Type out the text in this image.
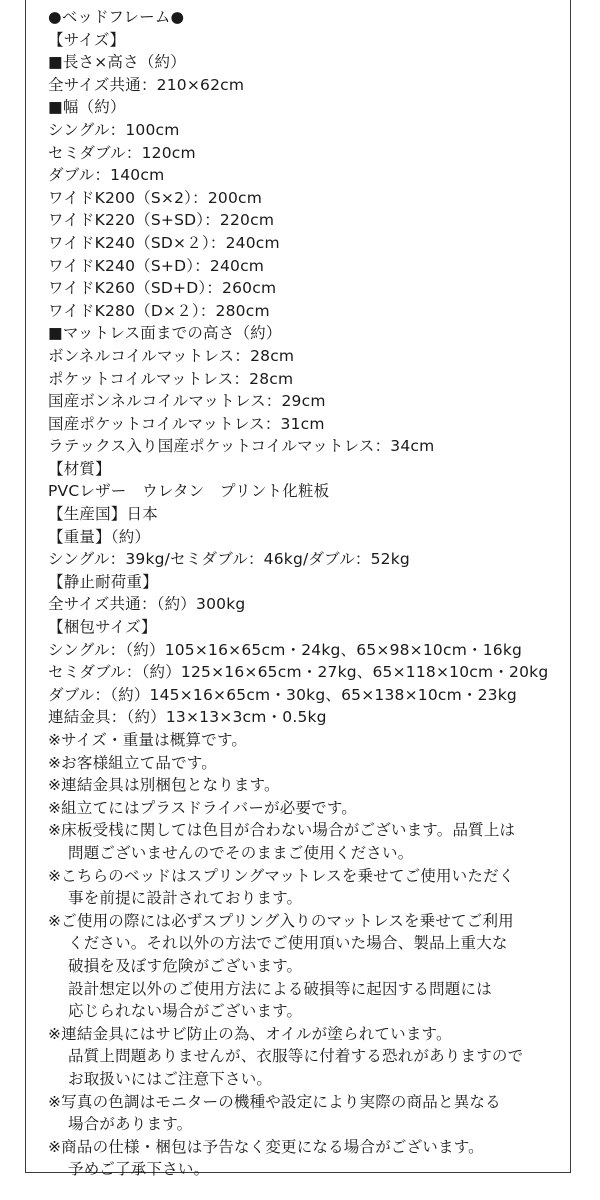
●ベッドフレーム●
【サイズ】
■長さ×高さ（約）
全サイズ共通：210×62cm
■幅（約）
シングル：100cm
セミダブル：120cm
ダブル：140cm
ワイドK200（S×2）：200cm
ワイドK220（S+SD）：220cm
ワイドK240（SD×２）：240cm
ワイドK240（S+D）：240cm
ワイドK260（SD+D）：260cm
ワイドK280（D×２）：280cm
■マットレス面までの高さ（約）
ボンネルコイルマットレス：28cm
ポケットコイルマットレス：28cm
国産ボンネルコイルマットレス：29cm
国産ポケットコイルマットレス：31cm
ラテックス入り国産ポケットコイルマットレス：34cm
【材質】
PVCレザー　ウレタン　プリント化粧板
【生産国】日本
【重量】（約）
シングル：39kg/セミダブル：46kg/ダブル：52kg
【静止耐荷重】
全サイズ共通：（約）300kg
【梱包サイズ】
シングル：（約）105×16×65cm・24kg、65×98×10cm・16kg
セミダブル：（約）125×16×65cm・27kg、65×118×10cm・20kg
ダブル：（約）145×16×65cm・30kg、65×138×10cm・23kg
連結金具：（約）13×13×3cm・0.5kg
※サイズ・重量は概算です。
※お客様組立て品です。
※連結金具は別梱包となります。
※組立てにはプラスドライバーが必要です。
※床板受桟に関しては色目が合わない場合がございます。品質上は
問題ございませんのでそのままご使用ください。
※こちらのベッドはスプリングマットレスを乗せてご使用いただく
事を前提に設計されております。
※ご使用の際には必ずスプリング入りのマットレスを乗せてご利用
ください。それ以外の方法でご使用頂いた場合、製品上重大な
破損を及ぼす危険がございます。
設計想定以外のご使用方法による破損等に起因する問題には
応じられない場合がございます。
※連結金具にはサビ防止の為、オイルが塗られています。
品質上問題ありませんが、衣服等に付着する恐れがありますので
お取扱いにはご注意下さい。
※写真の色調はモニターの機種や設定により実際の商品と異なる
場合があります。
※商品の仕様・梱包は予告なく変更になる場合がございます。
予めご了承下さい。
